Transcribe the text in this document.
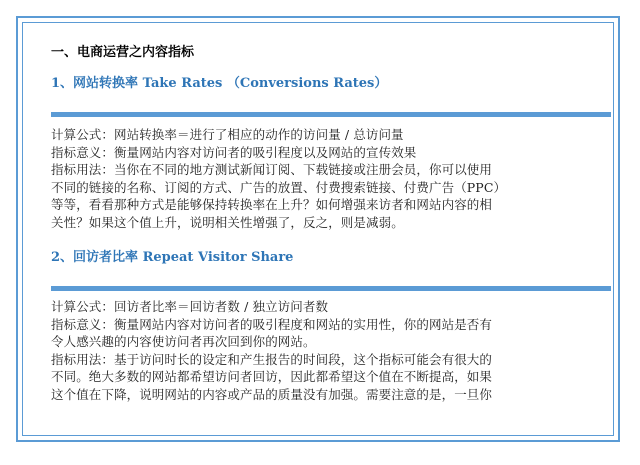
一、电商运营之内容指标

1、网站转换率 Take Rates （Conversions Rates）

计算公式：网站转换率＝进行了相应的动作的访问量 / 总访问量

指标意义：衡量网站内容对访问者的吸引程度以及网站的宣传效果

指标用法：当你在不同的地方测试新闻订阅、下载链接或注册会员，你可以使用

不同的链接的名称、订阅的方式、广告的放置、付费搜索链接、付费广告（PPC）

等等，看看那种方式是能够保持转换率在上升？如何增强来访者和网站内容的相

关性？如果这个值上升，说明相关性增强了，反之，则是减弱。

2、回访者比率 Repeat Visitor Share

计算公式：回访者比率＝回访者数 / 独立访问者数

指标意义：衡量网站内容对访问者的吸引程度和网站的实用性，你的网站是否有

令人感兴趣的内容使访问者再次回到你的网站。

指标用法：基于访问时长的设定和产生报告的时间段，这个指标可能会有很大的

不同。绝大多数的网站都希望访问者回访，因此都希望这个值在不断提高，如果

这个值在下降，说明网站的内容或产品的质量没有加强。需要注意的是，一旦你
